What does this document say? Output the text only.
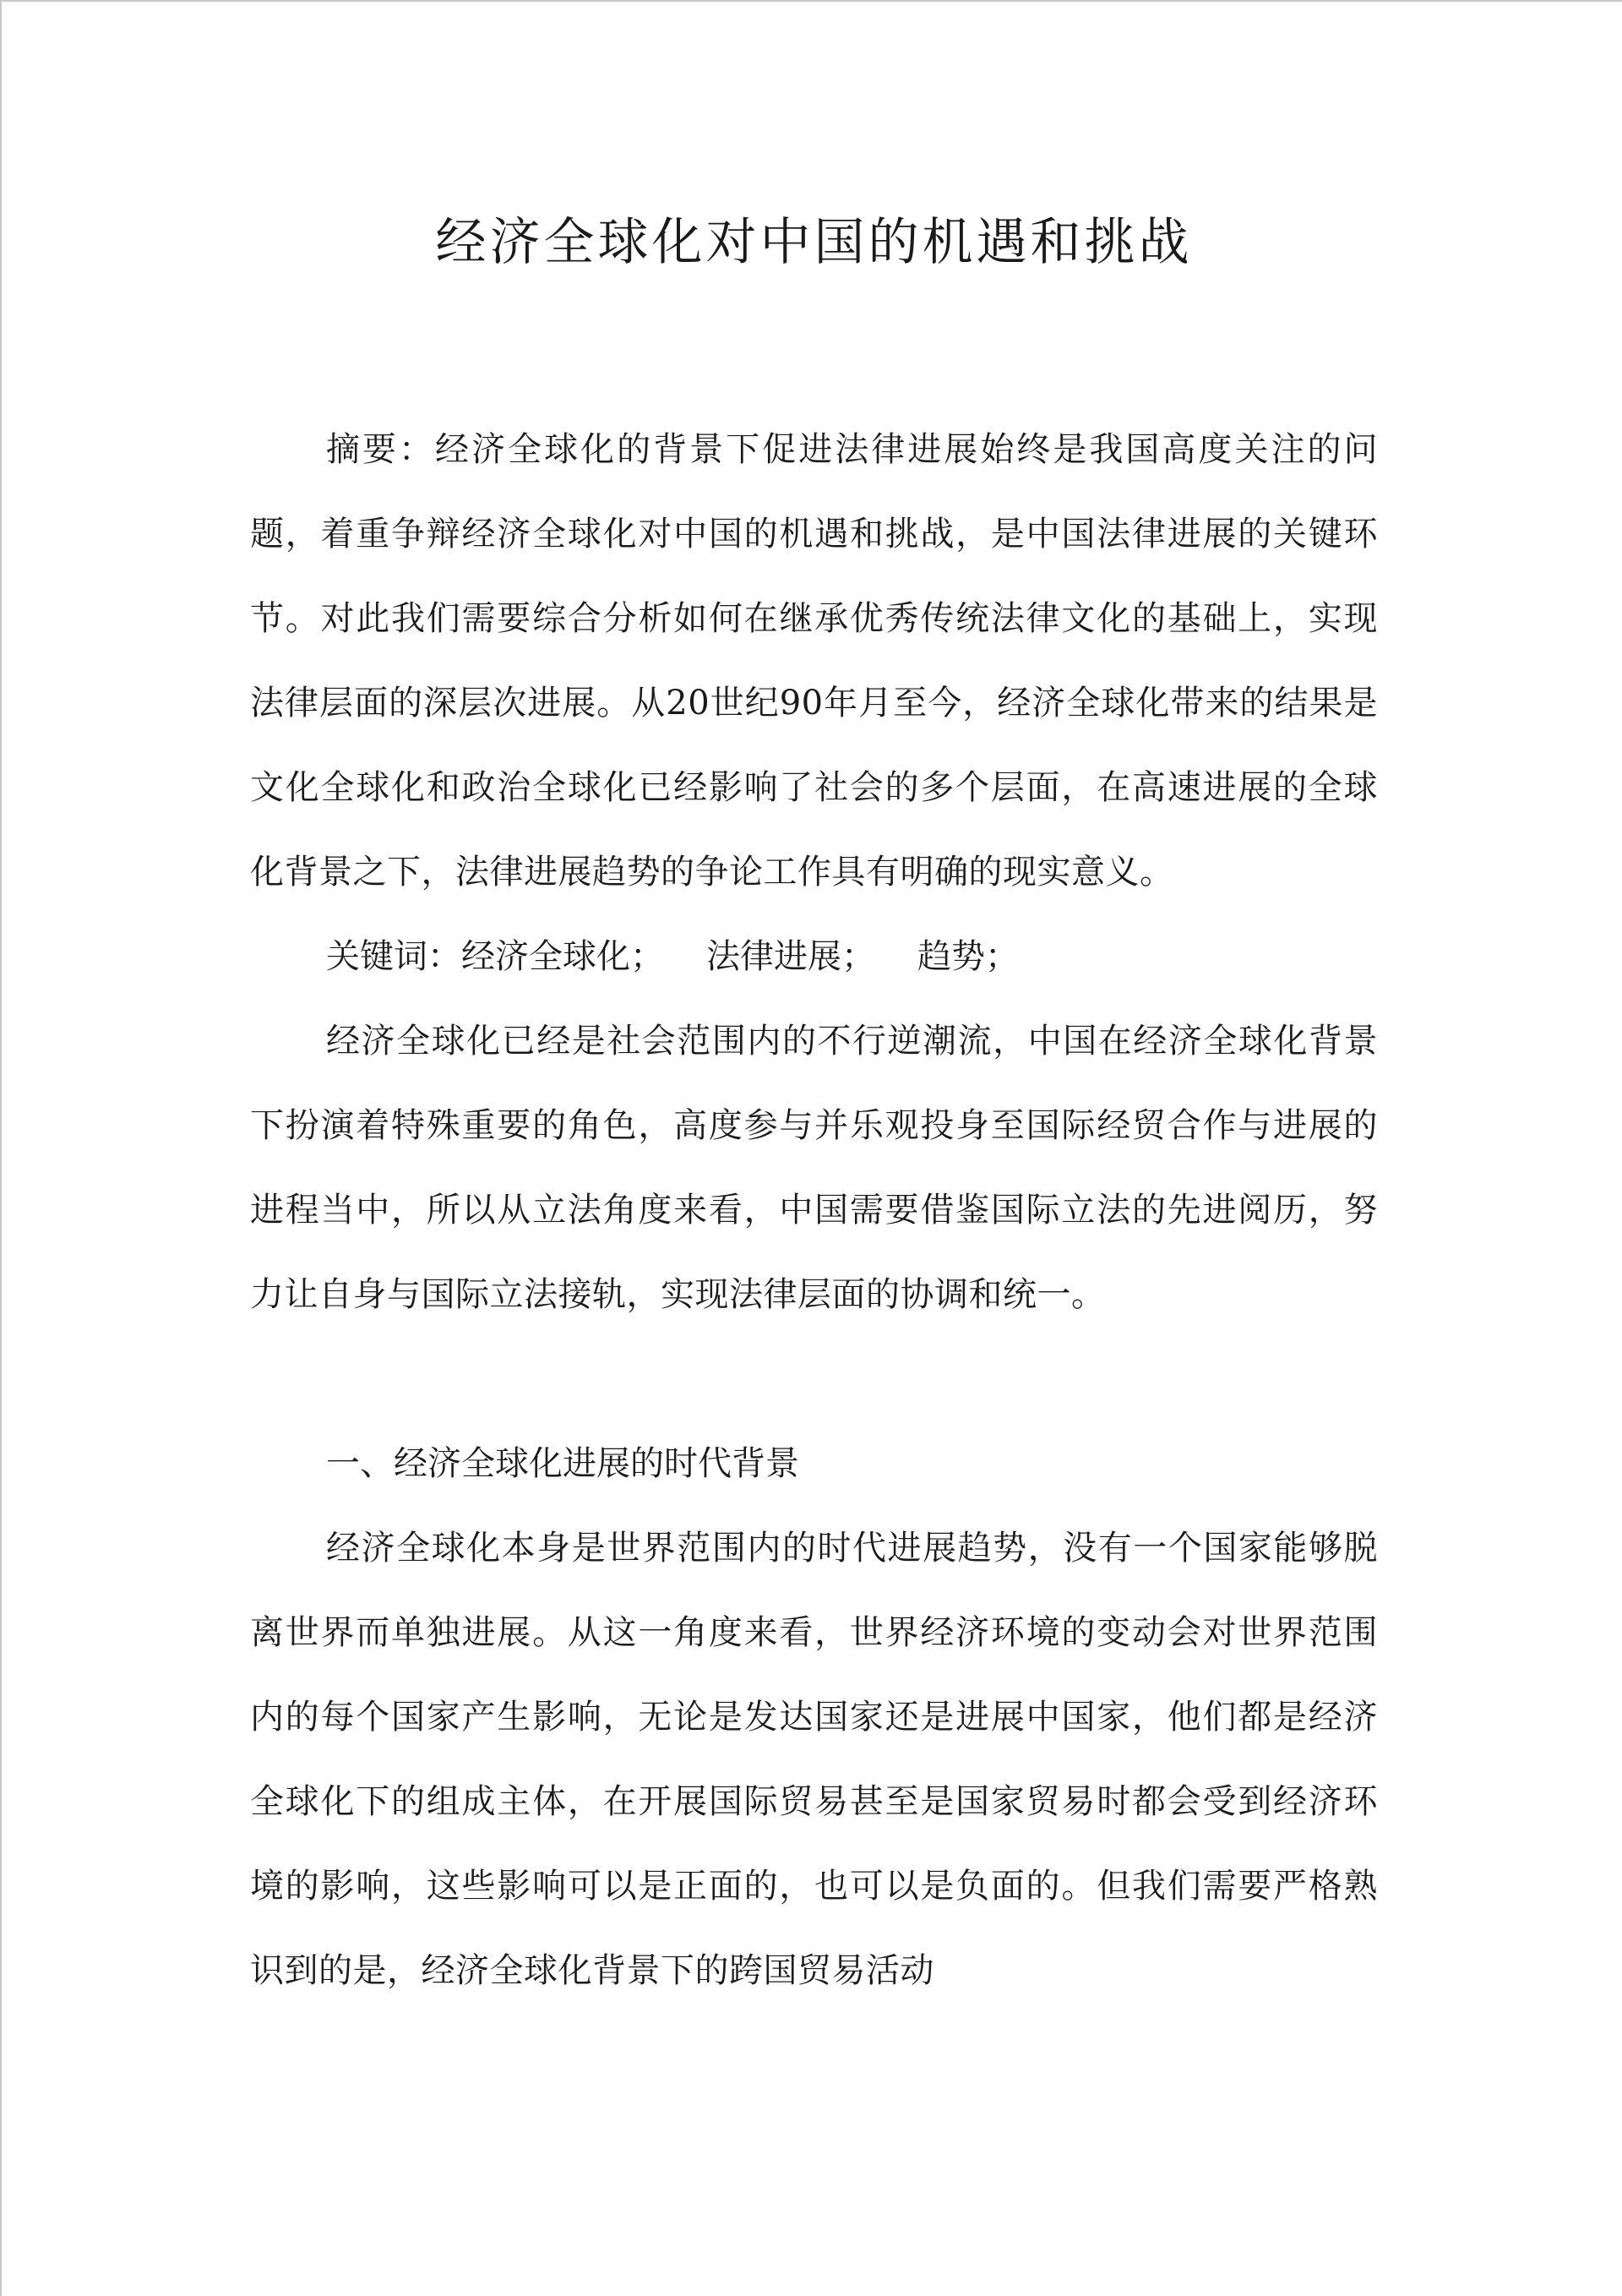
经济全球化对中国的机遇和挑战

摘要：经济全球化的背景下促进法律进展始终是我国高度关注的问题，着重争辩经济全球化对中国的机遇和挑战，是中国法律进展的关键环节。对此我们需要综合分析如何在继承优秀传统法律文化的基础上，实现法律层面的深层次进展。从20世纪90年月至今，经济全球化带来的结果是文化全球化和政治全球化已经影响了社会的多个层面，在高速进展的全球化背景之下，法律进展趋势的争论工作具有明确的现实意义。

关键词：经济全球化； 法律进展； 趋势；

经济全球化已经是社会范围内的不行逆潮流，中国在经济全球化背景下扮演着特殊重要的角色，高度参与并乐观投身至国际经贸合作与进展的进程当中，所以从立法角度来看，中国需要借鉴国际立法的先进阅历，努力让自身与国际立法接轨，实现法律层面的协调和统一。

一、经济全球化进展的时代背景

经济全球化本身是世界范围内的时代进展趋势，没有一个国家能够脱离世界而单独进展。从这一角度来看，世界经济环境的变动会对世界范围内的每个国家产生影响，无论是发达国家还是进展中国家，他们都是经济全球化下的组成主体，在开展国际贸易甚至是国家贸易时都会受到经济环境的影响，这些影响可以是正面的，也可以是负面的。但我们需要严格熟识到的是，经济全球化背景下的跨国贸易活动
